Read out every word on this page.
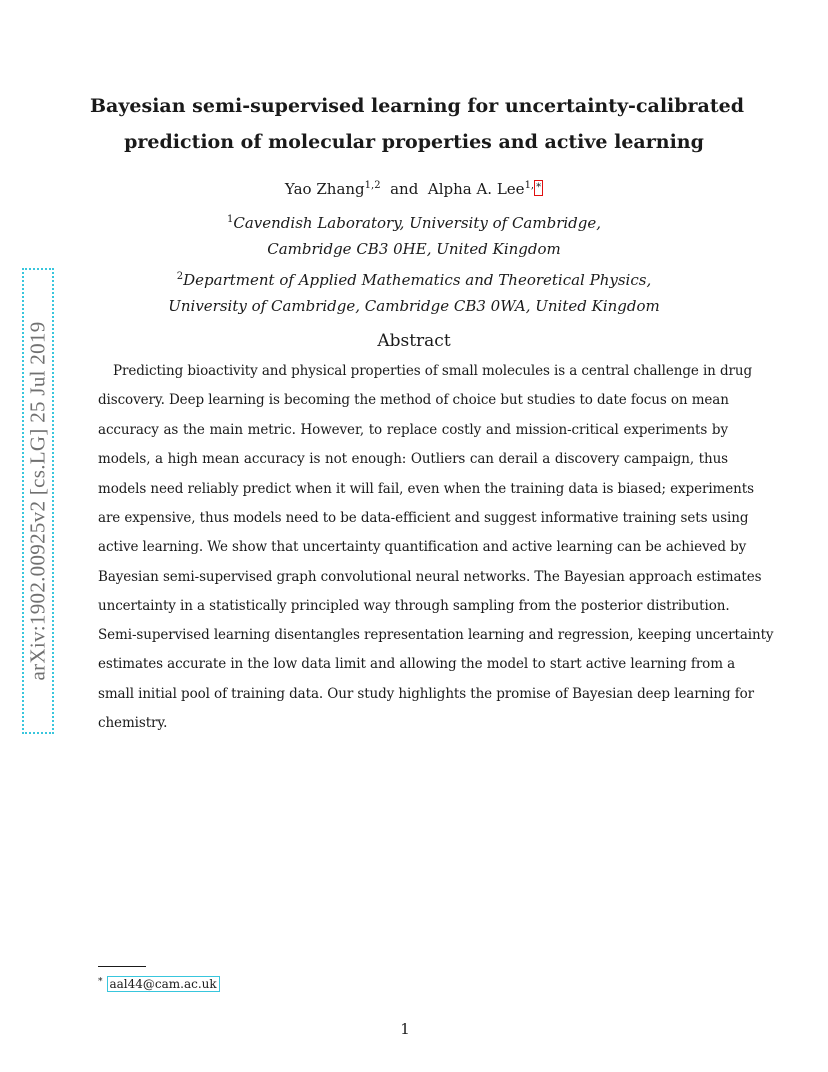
arXiv:1902.00925v2 [cs.LG] 25 Jul 2019
Bayesian semi-supervised learning for uncertainty-calibrated
prediction of molecular properties and active learning
Yao Zhang$^{1,2}$ and Alpha A. Lee$^{1,}$ *
$^1$Cavendish Laboratory, University of Cambridge,
Cambridge CB3 0HE, United Kingdom
$^2$Department of Applied Mathematics and Theoretical Physics,
University of Cambridge, Cambridge CB3 0WA, United Kingdom
Abstract
Predicting bioactivity and physical properties of small molecules is a central challenge in drug
discovery. Deep learning is becoming the method of choice but studies to date focus on mean
accuracy as the main metric. However, to replace costly and mission-critical experiments by
models, a high mean accuracy is not enough: Outliers can derail a discovery campaign, thus
models need reliably predict when it will fail, even when the training data is biased; experiments
are expensive, thus models need to be data-efficient and suggest informative training sets using
active learning. We show that uncertainty quantification and active learning can be achieved by
Bayesian semi-supervised graph convolutional neural networks. The Bayesian approach estimates
uncertainty in a statistically principled way through sampling from the posterior distribution.
Semi-supervised learning disentangles representation learning and regression, keeping uncertainty
estimates accurate in the low data limit and allowing the model to start active learning from a
small initial pool of training data. Our study highlights the promise of Bayesian deep learning for
chemistry.
* aal44@cam.ac.uk
1
